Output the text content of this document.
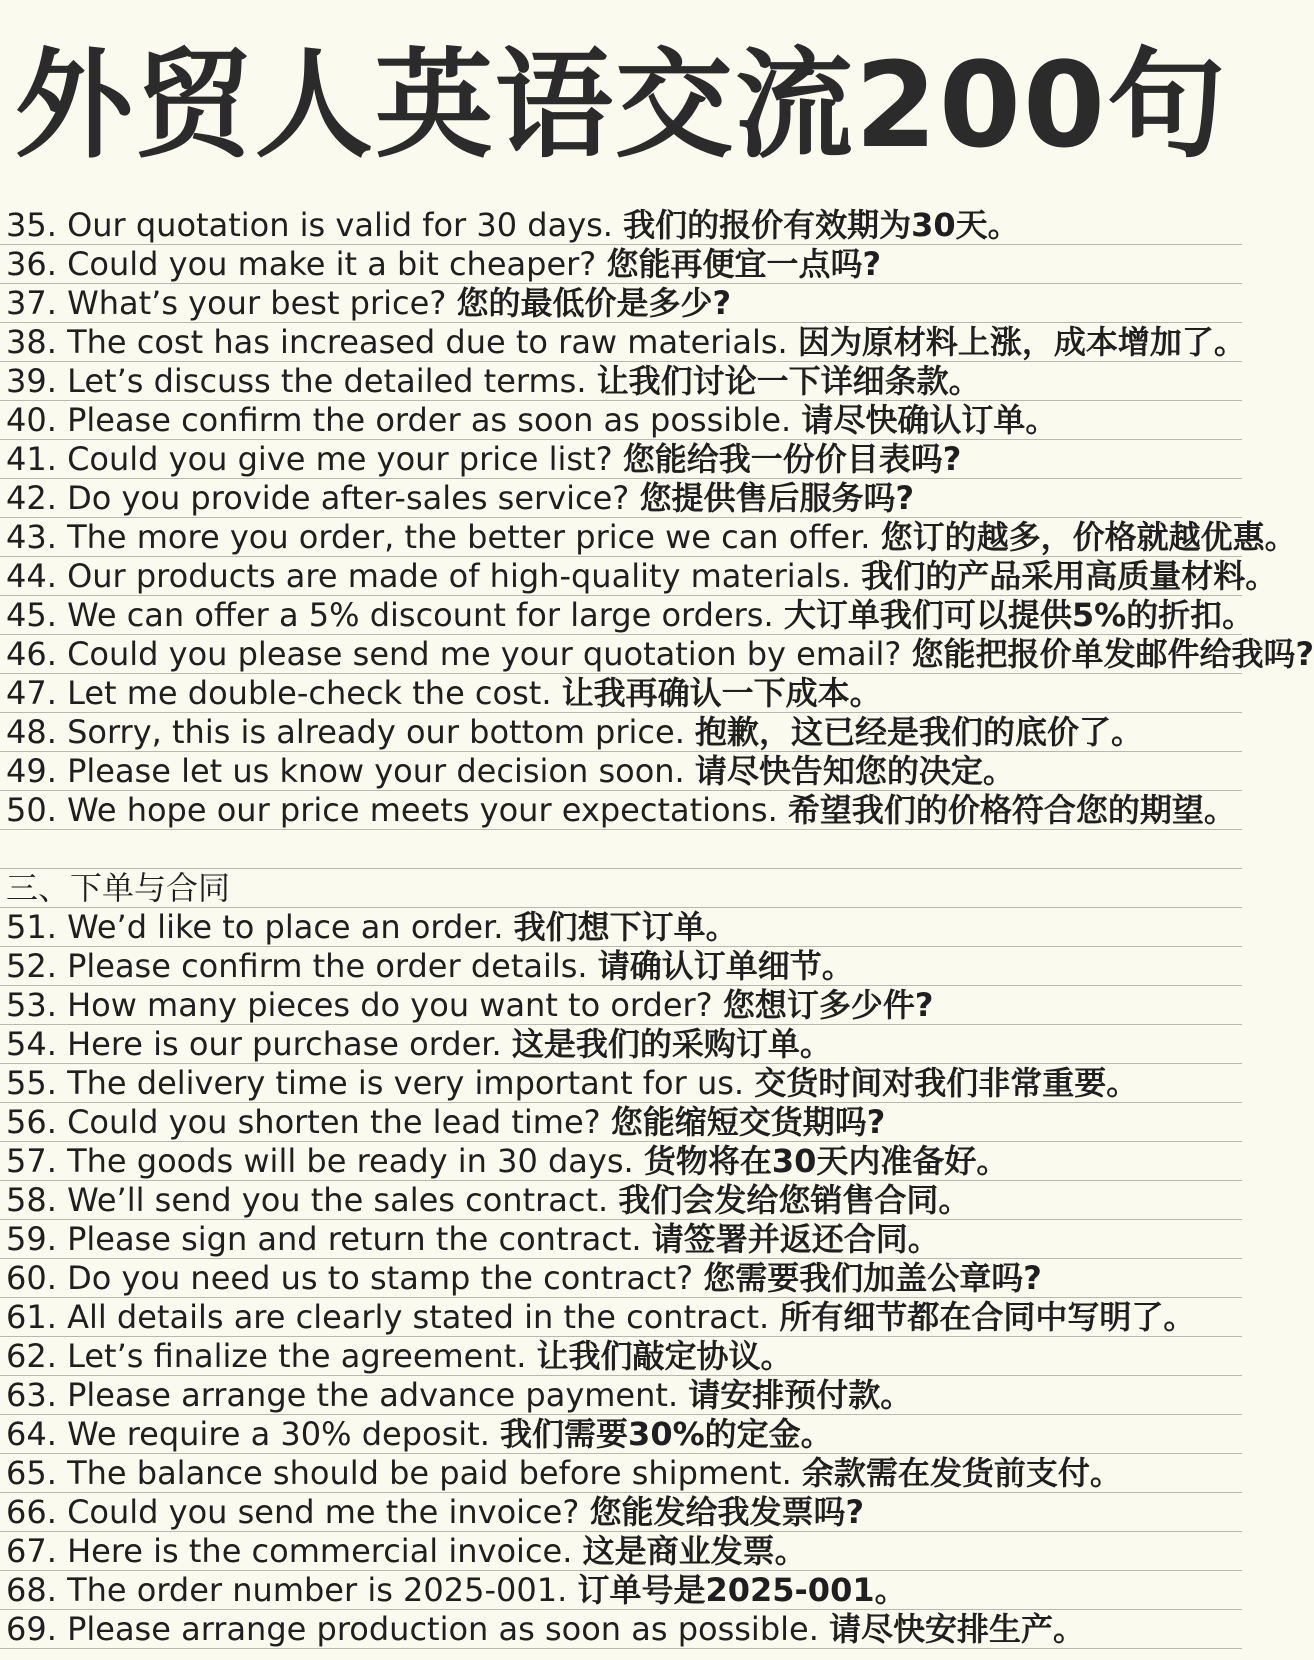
外贸人英语交流200句
35. Our quotation is valid for 30 days. 我们的报价有效期为30天。
36. Could you make it a bit cheaper? 您能再便宜一点吗?
37. What’s your best price? 您的最低价是多少?
38. The cost has increased due to raw materials. 因为原材料上涨，成本增加了。
39. Let’s discuss the detailed terms. 让我们讨论一下详细条款。
40. Please confirm the order as soon as possible. 请尽快确认订单。
41. Could you give me your price list? 您能给我一份价目表吗?
42. Do you provide after-sales service? 您提供售后服务吗?
43. The more you order, the better price we can offer. 您订的越多，价格就越优惠。
44. Our products are made of high-quality materials. 我们的产品采用高质量材料。
45. We can offer a 5% discount for large orders. 大订单我们可以提供5%的折扣。
46. Could you please send me your quotation by email? 您能把报价单发邮件给我吗?
47. Let me double-check the cost. 让我再确认一下成本。
48. Sorry, this is already our bottom price. 抱歉，这已经是我们的底价了。
49. Please let us know your decision soon. 请尽快告知您的决定。
50. We hope our price meets your expectations. 希望我们的价格符合您的期望。
三、下单与合同
51. We’d like to place an order. 我们想下订单。
52. Please confirm the order details. 请确认订单细节。
53. How many pieces do you want to order? 您想订多少件?
54. Here is our purchase order. 这是我们的采购订单。
55. The delivery time is very important for us. 交货时间对我们非常重要。
56. Could you shorten the lead time? 您能缩短交货期吗?
57. The goods will be ready in 30 days. 货物将在30天内准备好。
58. We’ll send you the sales contract. 我们会发给您销售合同。
59. Please sign and return the contract. 请签署并返还合同。
60. Do you need us to stamp the contract? 您需要我们加盖公章吗?
61. All details are clearly stated in the contract. 所有细节都在合同中写明了。
62. Let’s finalize the agreement. 让我们敲定协议。
63. Please arrange the advance payment. 请安排预付款。
64. We require a 30% deposit. 我们需要30%的定金。
65. The balance should be paid before shipment. 余款需在发货前支付。
66. Could you send me the invoice? 您能发给我发票吗?
67. Here is the commercial invoice. 这是商业发票。
68. The order number is 2025-001. 订单号是2025-001。
69. Please arrange production as soon as possible. 请尽快安排生产。
